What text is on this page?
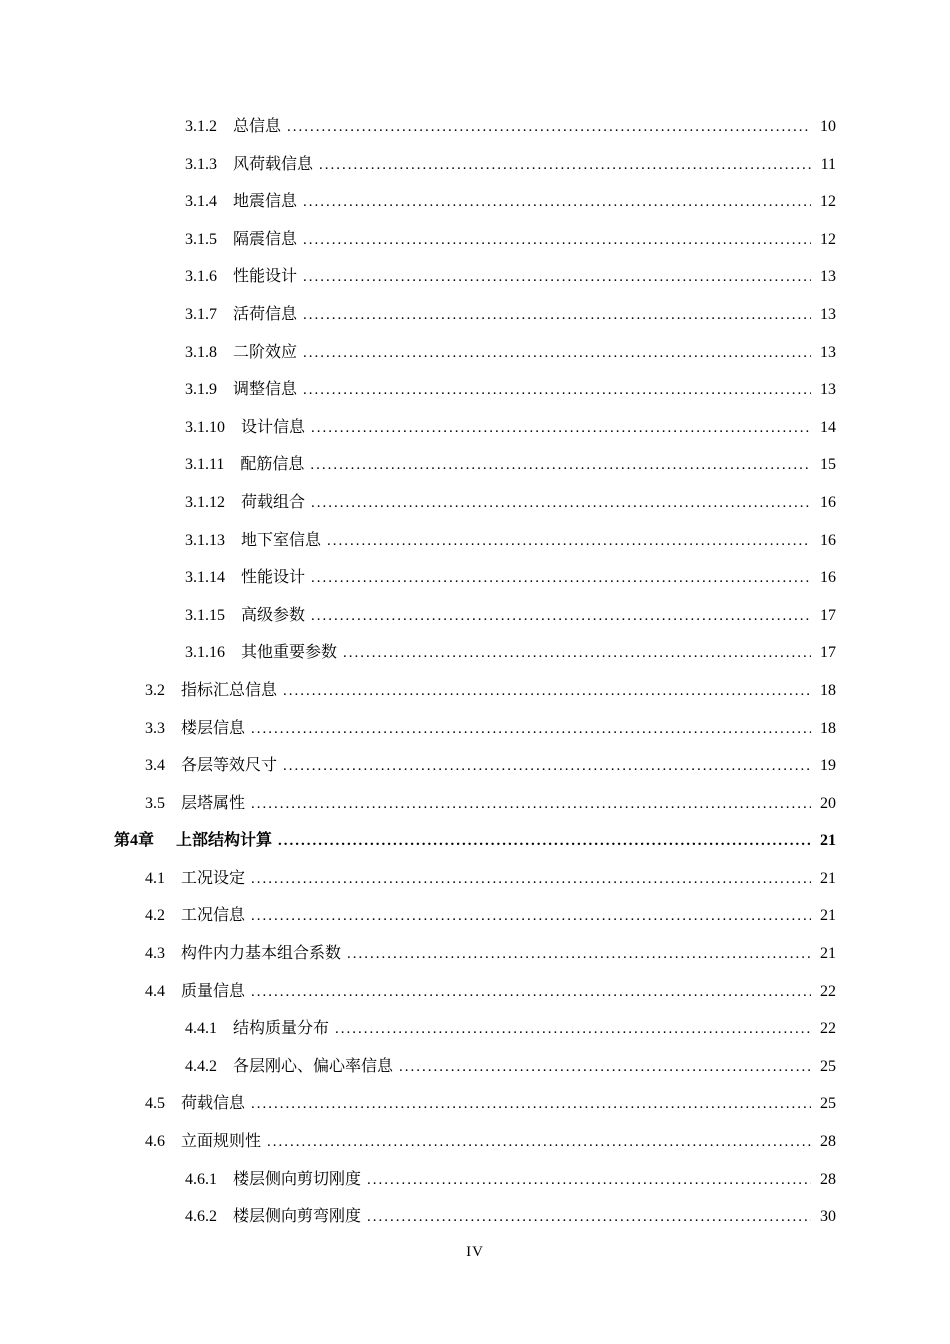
3.1.2 总信息 .....	10
3.1.3 风荷载信息 .....	11
3.1.4 地震信息 .....	12
3.1.5 隔震信息 .....	12
3.1.6 性能设计 .....	13
3.1.7 活荷信息 .....	13
3.1.8 二阶效应 .....	13
3.1.9 调整信息 .....	13
3.1.10 设计信息 .....	14
3.1.11 配筋信息 .....	15
3.1.12 荷载组合 .....	16
3.1.13 地下室信息 .....	16
3.1.14 性能设计 .....	16
3.1.15 高级参数 .....	17
3.1.16 其他重要参数 .....	17
3.2 指标汇总信息 .....	18
3.3 楼层信息 .....	18
3.4 各层等效尺寸 .....	19
3.5 层塔属性 .....	20
第4章 上部结构计算 .....	21
4.1 工况设定 .....	21
4.2 工况信息 .....	21
4.3 构件内力基本组合系数 .....	21
4.4 质量信息 .....	22
4.4.1 结构质量分布 .....	22
4.4.2 各层刚心、偏心率信息 .....	25
4.5 荷载信息 .....	25
4.6 立面规则性 .....	28
4.6.1 楼层侧向剪切刚度 .....	28
4.6.2 楼层侧向剪弯刚度 .....	30
IV
